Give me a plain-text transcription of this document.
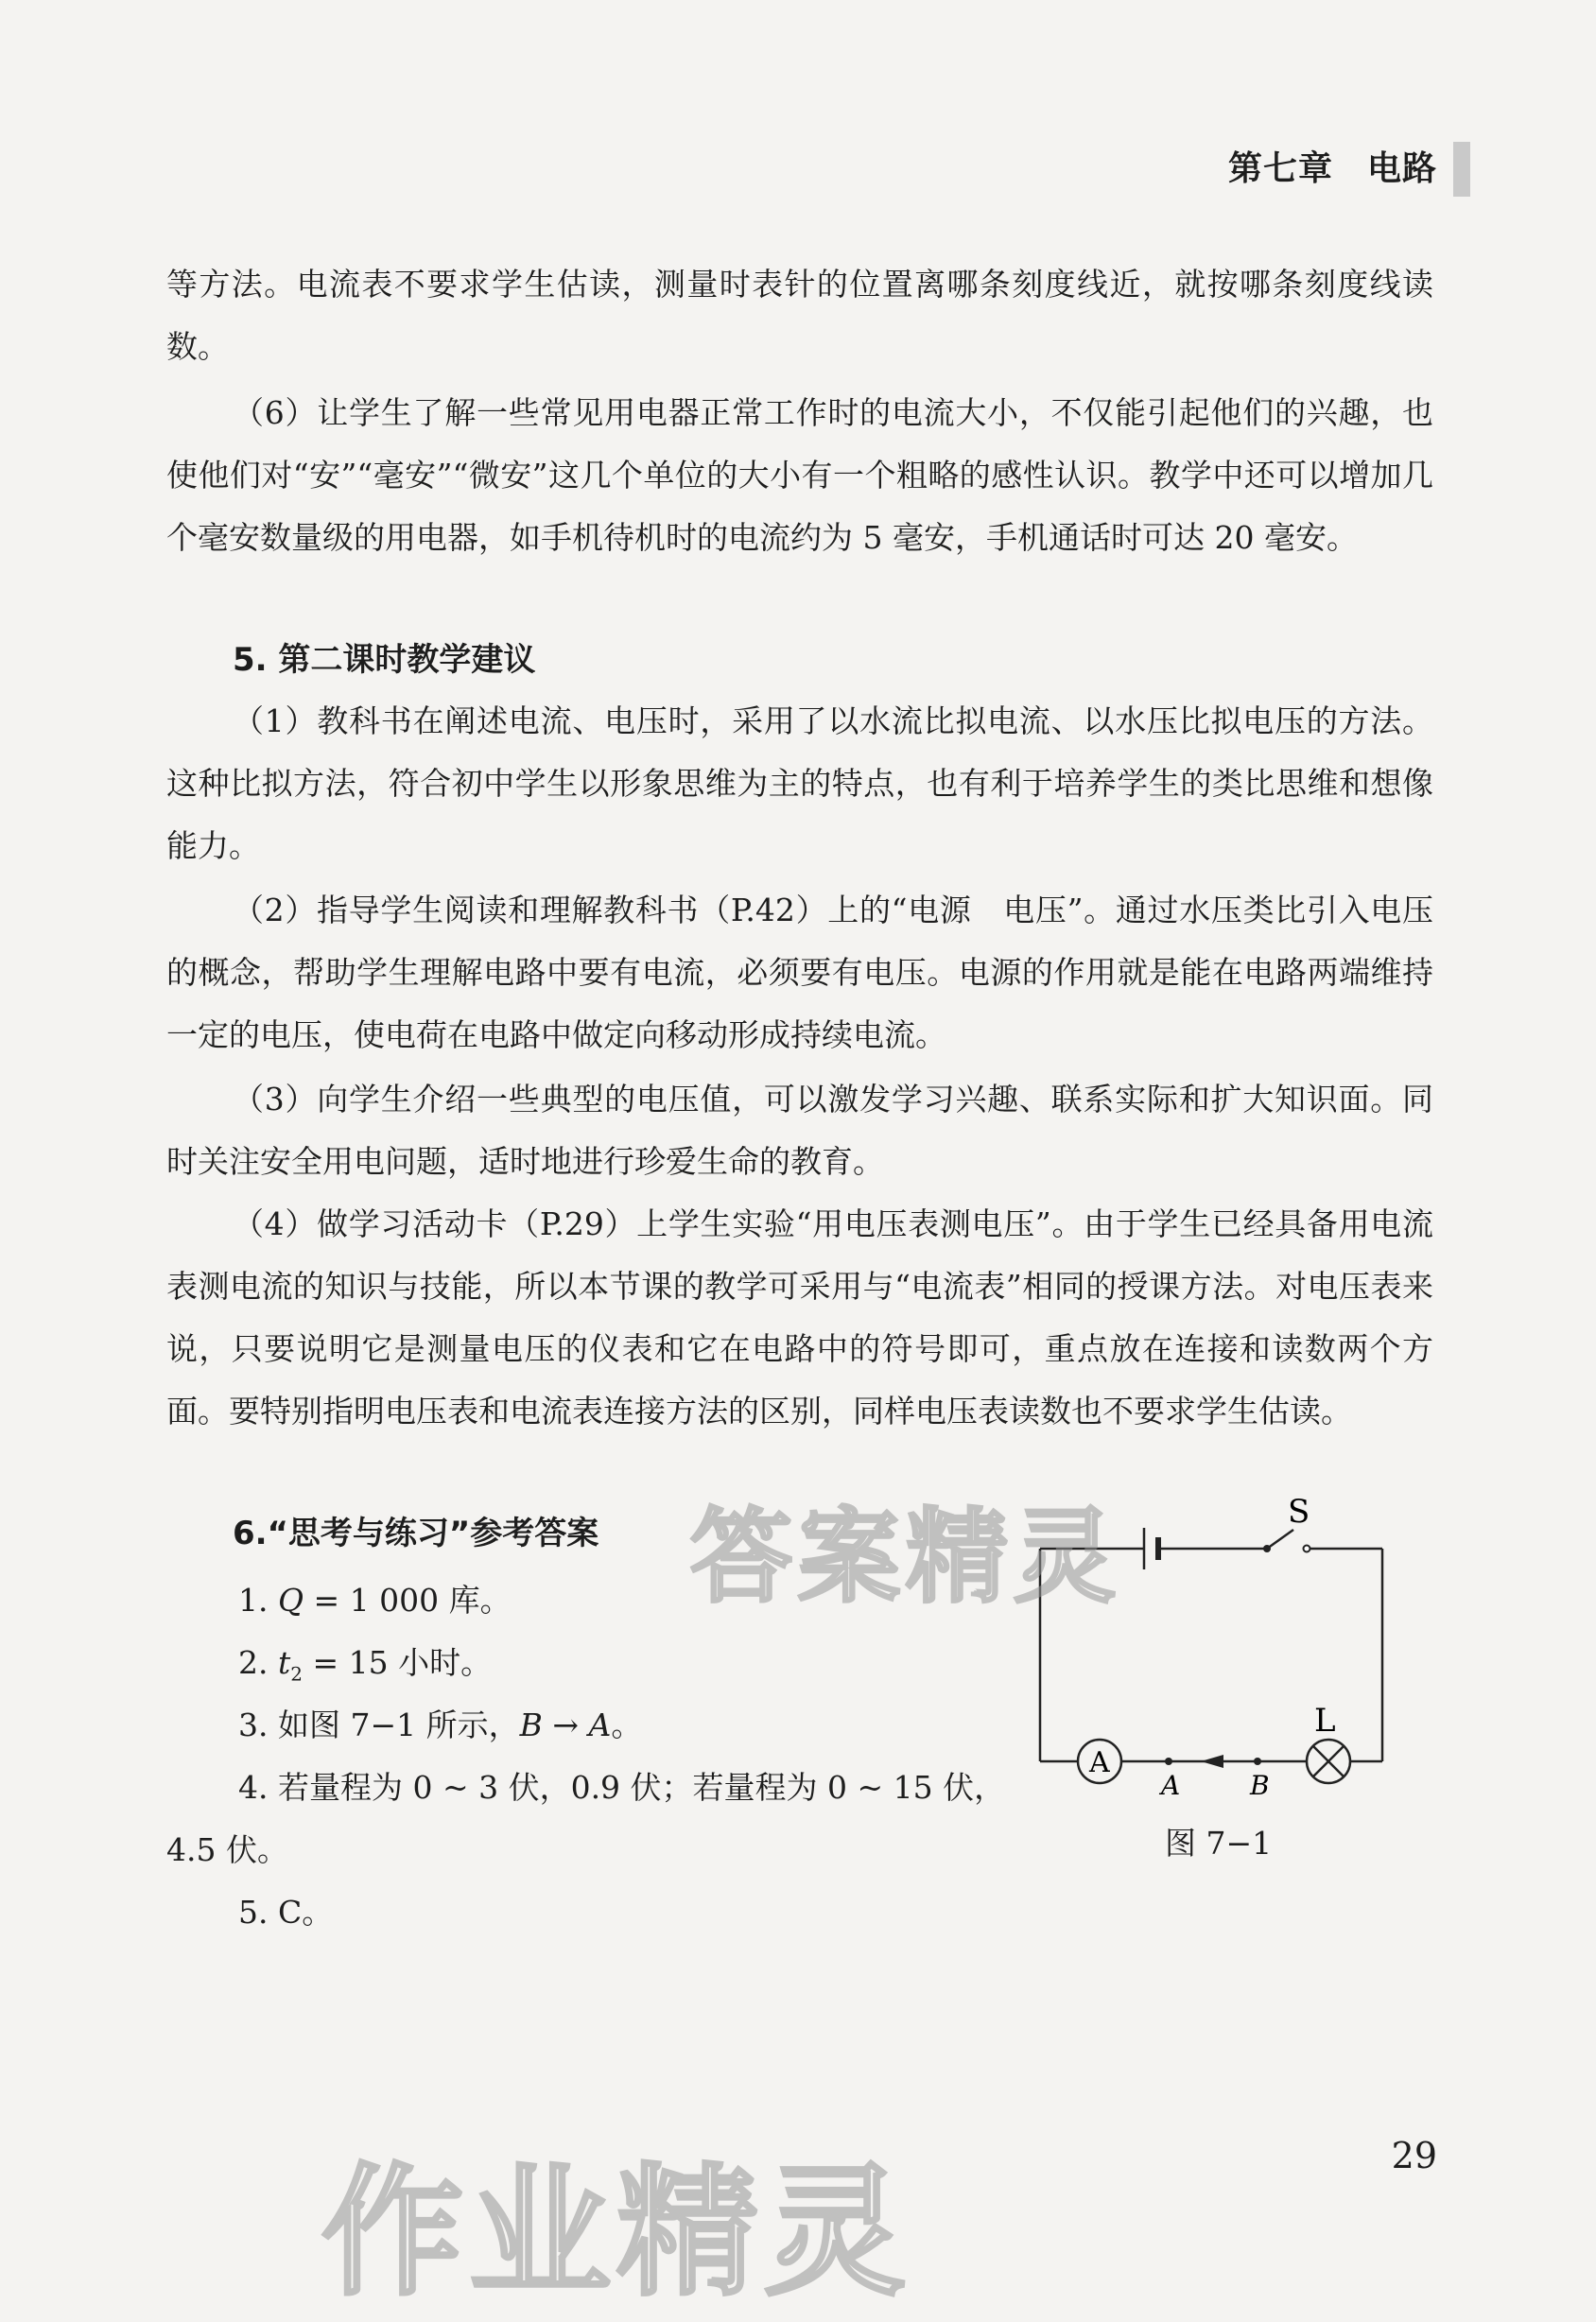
第七章 电路

等方法。电流表不要求学生估读，测量时表针的位置离哪条刻度线近，就按哪条刻度线读数。

（6）让学生了解一些常见用电器正常工作时的电流大小，不仅能引起他们的兴趣，也使他们对“安”“毫安”“微安”这几个单位的大小有一个粗略的感性认识。教学中还可以增加几个毫安数量级的用电器，如手机待机时的电流约为 5 毫安，手机通话时可达 20 毫安。

5. 第二课时教学建议

（1）教科书在阐述电流、电压时，采用了以水流比拟电流、以水压比拟电压的方法。这种比拟方法，符合初中学生以形象思维为主的特点，也有利于培养学生的类比思维和想像能力。

（2）指导学生阅读和理解教科书（P.42）上的“电源　电压”。通过水压类比引入电压的概念，帮助学生理解电路中要有电流，必须要有电压。电源的作用就是能在电路两端维持一定的电压，使电荷在电路中做定向移动形成持续电流。

（3）向学生介绍一些典型的电压值，可以激发学习兴趣、联系实际和扩大知识面。同时关注安全用电问题，适时地进行珍爱生命的教育。

（4）做学习活动卡（P.29）上学生实验“用电压表测电压”。由于学生已经具备用电流表测电流的知识与技能，所以本节课的教学可采用与“电流表”相同的授课方法。对电压表来说，只要说明它是测量电压的仪表和它在电路中的符号即可，重点放在连接和读数两个方面。要特别指明电压表和电流表连接方法的区别，同样电压表读数也不要求学生估读。

6.“思考与练习”参考答案

1. Q = 1 000 库。
2. $t_2 = 15$ 小时。
3. 如图 7−1 所示，B → A。
4. 若量程为 0 ~ 3 伏，0.9 伏；若量程为 0 ~ 15 伏，4.5 伏。
5. C。
S
L
A
A	B
图 7−1
29
答案精灵
作业精灵
